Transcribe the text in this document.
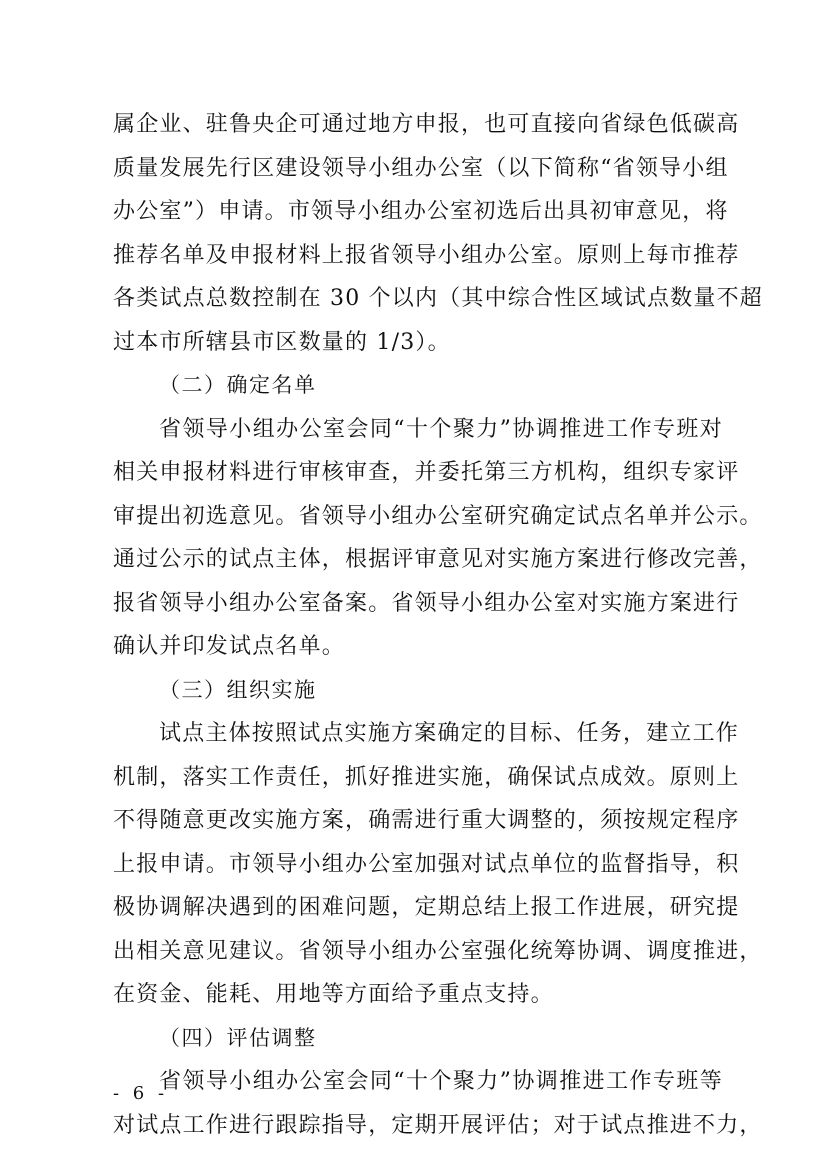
属企业、驻鲁央企可通过地方申报，也可直接向省绿色低碳高
质量发展先行区建设领导小组办公室（以下简称“省领导小组
办公室”）申请。市领导小组办公室初选后出具初审意见，将
推荐名单及申报材料上报省领导小组办公室。原则上每市推荐
各类试点总数控制在 30 个以内（其中综合性区域试点数量不超
过本市所辖县市区数量的 1/3）。
（二）确定名单
省领导小组办公室会同“十个聚力”协调推进工作专班对
相关申报材料进行审核审查，并委托第三方机构，组织专家评
审提出初选意见。省领导小组办公室研究确定试点名单并公示。
通过公示的试点主体，根据评审意见对实施方案进行修改完善，
报省领导小组办公室备案。省领导小组办公室对实施方案进行
确认并印发试点名单。
（三）组织实施
试点主体按照试点实施方案确定的目标、任务，建立工作
机制，落实工作责任，抓好推进实施，确保试点成效。原则上
不得随意更改实施方案，确需进行重大调整的，须按规定程序
上报申请。市领导小组办公室加强对试点单位的监督指导，积
极协调解决遇到的困难问题，定期总结上报工作进展，研究提
出相关意见建议。省领导小组办公室强化统筹协调、调度推进，
在资金、能耗、用地等方面给予重点支持。
（四）评估调整
省领导小组办公室会同“十个聚力”协调推进工作专班等
对试点工作进行跟踪指导，定期开展评估；对于试点推进不力，
- 6 -
